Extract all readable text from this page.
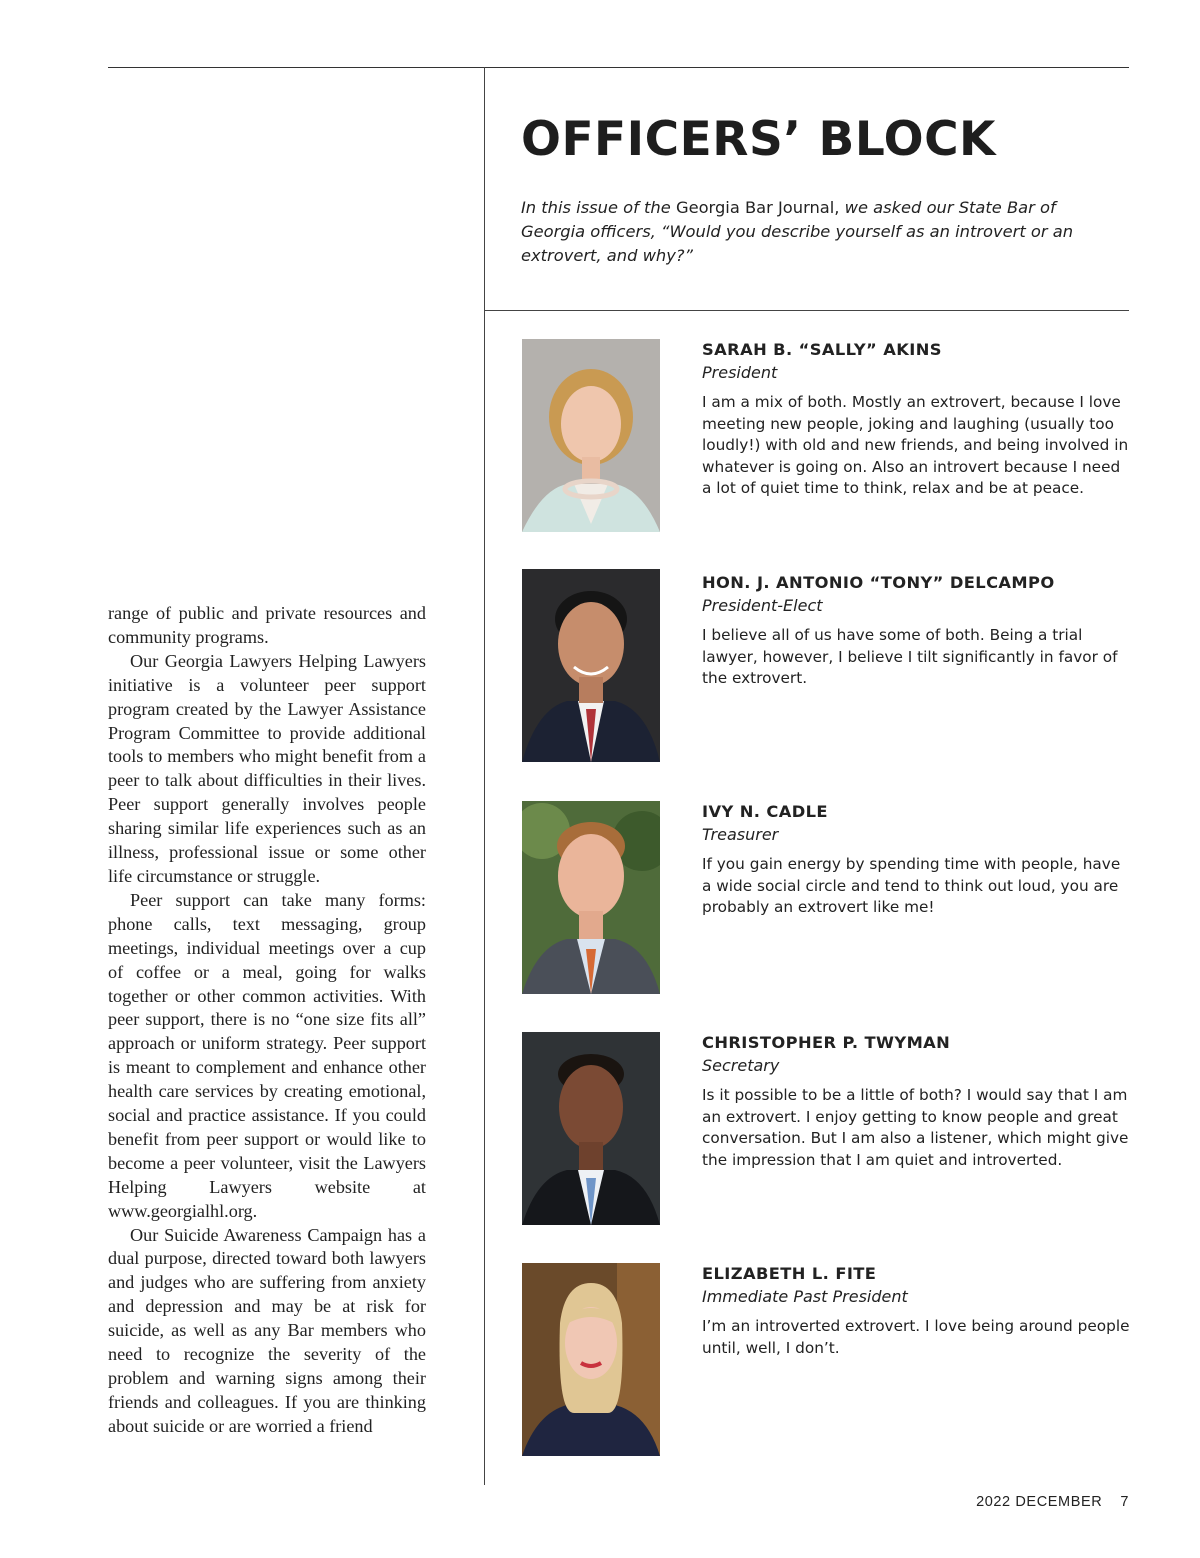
range of public and private resources and community programs.

Our Georgia Lawyers Helping Lawyers initiative is a volunteer peer support program created by the Lawyer Assistance Program Committee to provide additional tools to members who might benefit from a peer to talk about difficulties in their lives. Peer support generally involves people sharing similar life experiences such as an illness, professional issue or some other life circumstance or struggle.

Peer support can take many forms: phone calls, text messaging, group meetings, individual meetings over a cup of coffee or a meal, going for walks together or other common activities. With peer support, there is no “one size fits all” approach or uniform strategy. Peer support is meant to complement and enhance other health care services by creating emotional, social and practice assistance. If you could benefit from peer support or would like to become a peer volunteer, visit the Lawyers Helping Lawyers website at www.georgialhl.org.

Our Suicide Awareness Campaign has a dual purpose, directed toward both lawyers and judges who are suffering from anxiety and depression and may be at risk for suicide, as well as any Bar members who need to recognize the severity of the problem and warning signs among their friends and colleagues. If you are thinking about suicide or are worried a friend

OFFICERS’ BLOCK

In this issue of the Georgia Bar Journal, we asked our State Bar of Georgia officers, “Would you describe yourself as an introvert or an extrovert, and why?”

SARAH B. “SALLY” AKINS

President

I am a mix of both. Mostly an extrovert, because I love meeting new people, joking and laughing (usually too loudly!) with old and new friends, and being involved in whatever is going on. Also an introvert because I need a lot of quiet time to think, relax and be at peace.

HON. J. ANTONIO “TONY” DELCAMPO

President-Elect

I believe all of us have some of both. Being a trial lawyer, however, I believe I tilt significantly in favor of the extrovert.

IVY N. CADLE

Treasurer

If you gain energy by spending time with people, have a wide social circle and tend to think out loud, you are probably an extrovert like me!

CHRISTOPHER P. TWYMAN

Secretary

Is it possible to be a little of both? I would say that I am an extrovert. I enjoy getting to know people and great conversation. But I am also a listener, which might give the impression that I am quiet and introverted.

ELIZABETH L. FITE

Immediate Past President

I’m an introverted extrovert. I love being around people until, well, I don’t.

2022 DECEMBER 7
